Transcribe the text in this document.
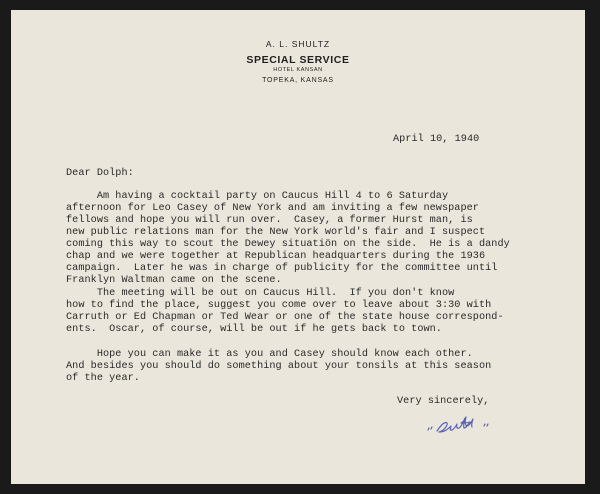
A. L. SHULTZ
SPECIAL SERVICE
HOTEL KANSAN
TOPEKA, KANSAS
April 10, 1940
Dear Dolph:
Am having a cocktail party on Caucus Hill 4 to 6 Saturday
afternoon for Leo Casey of New York and am inviting a few newspaper
fellows and hope you will run over.  Casey, a former Hurst man, is
new public relations man for the New York world's fair and I suspect
coming this way to scout the Dewey situatiön on the side.  He is a dandy
chap and we were together at Republican headquarters during the 1936
campaign.  Later he was in charge of publicity for the committee until
Franklyn Waltman came on the scene.
The meeting will be out on Caucus Hill.  If you don't know
how to find the place, suggest you come over to leave about 3:30 with
Carruth or Ed Chapman or Ted Wear or one of the state house correspond-
ents.  Oscar, of course, will be out if he gets back to town.
Hope you can make it as you and Casey should know each other.
And besides you should do something about your tonsils at this season
of the year.
Very sincerely,
